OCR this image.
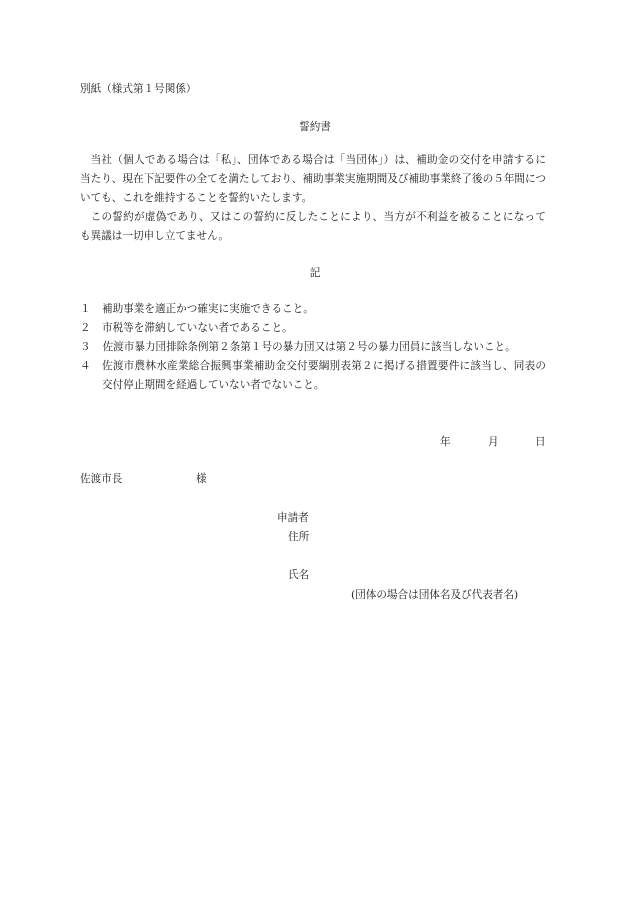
別紙（様式第１号関係）
誓約書

当社（個人である場合は「私」、団体である場合は「当団体」）は、補助金の交付を申請するに当たり、現在下記要件の全てを満たしており、補助事業実施期間及び補助事業終了後の５年間についても、これを維持することを誓約いたします。

この誓約が虚偽であり、又はこの誓約に反したことにより、当方が不利益を被ることになっても異議は一切申し立てません。

記
１	補助事業を適正かつ確実に実施できること。
２	市税等を滞納していない者であること。
３ 佐渡市暴力団排除条例第２条第１号の暴力団又は第２号の暴力団員に該当しないこと。
４	佐渡市農林水産業総合振興事業補助金交付要綱別表第２に掲げる措置要件に該当し、同表の交付停止期間を経過していない者でないこと。
年	月	日
佐渡市長	様
申請者
住所
氏名
(団体の場合は団体名及び代表者名)
